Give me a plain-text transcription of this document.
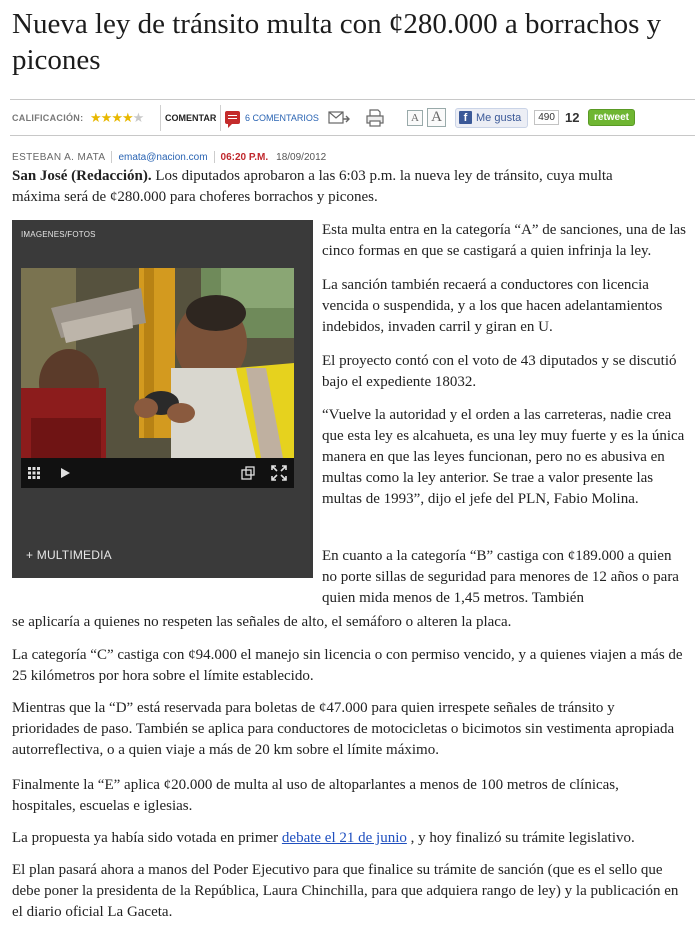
Nueva ley de tránsito multa con ¢280.000 a borrachos y picones
CALIFICACIÓN: ★ ★ ★ ★ ★ COMENTAR	6 COMENTARIOS	A A	f Me gusta	490 12	retweet
ESTEBAN A. MATA emata@nacion.com 06:20 P.M. 18/09/2012

San José (Redacción). Los diputados aprobaron a las 6:03 p.m. la nueva ley de tránsito, cuya multa máxima será de ¢280.000 para choferes borrachos y picones.

IMAGENES/FOTOS
+ MULTIMEDIA

Esta multa entra en la categoría “A” de sanciones, una de las cinco formas en que se castigará a quien infrinja la ley.

La sanción también recaerá a conductores con licencia vencida o suspendida, y a los que hacen adelantamientos indebidos, invaden carril y giran en U.

El proyecto contó con el voto de 43 diputados y se discutió bajo el expediente 18032.

“Vuelve la autoridad y el orden a las carreteras, nadie crea que esta ley es alcahueta, es una ley muy fuerte y es la única manera en que las leyes funcionan, pero no es abusiva en multas como la ley anterior. Se trae a valor presente las multas de 1993”, dijo el jefe del PLN, Fabio Molina.

En cuanto a la categoría “B” castiga con ¢189.000 a quien no porte sillas de seguridad para menores de 12 años o para quien mida menos de 1,45 metros. También

se aplicaría a quienes no respeten las señales de alto, el semáforo o alteren la placa.

La categoría “C” castiga con ¢94.000 el manejo sin licencia o con permiso vencido, y a quienes viajen a más de 25 kilómetros por hora sobre el límite establecido.

Mientras que la “D” está reservada para boletas de ¢47.000 para quien irrespete señales de tránsito y prioridades de paso. También se aplica para conductores de motocicletas o bicimotos sin vestimenta apropiada autorreflectiva, o a quien viaje a más de 20 km sobre el límite máximo.

Finalmente la “E” aplica ¢20.000 de multa al uso de altoparlantes a menos de 100 metros de clínicas, hospitales, escuelas e iglesias.

La propuesta ya había sido votada en primer debate el 21 de junio , y hoy finalizó su trámite legislativo.

El plan pasará ahora a manos del Poder Ejecutivo para que finalice su trámite de sanción (que es el sello que debe poner la presidenta de la República, Laura Chinchilla, para que adquiera rango de ley) y la publicación en el diario oficial La Gaceta.
